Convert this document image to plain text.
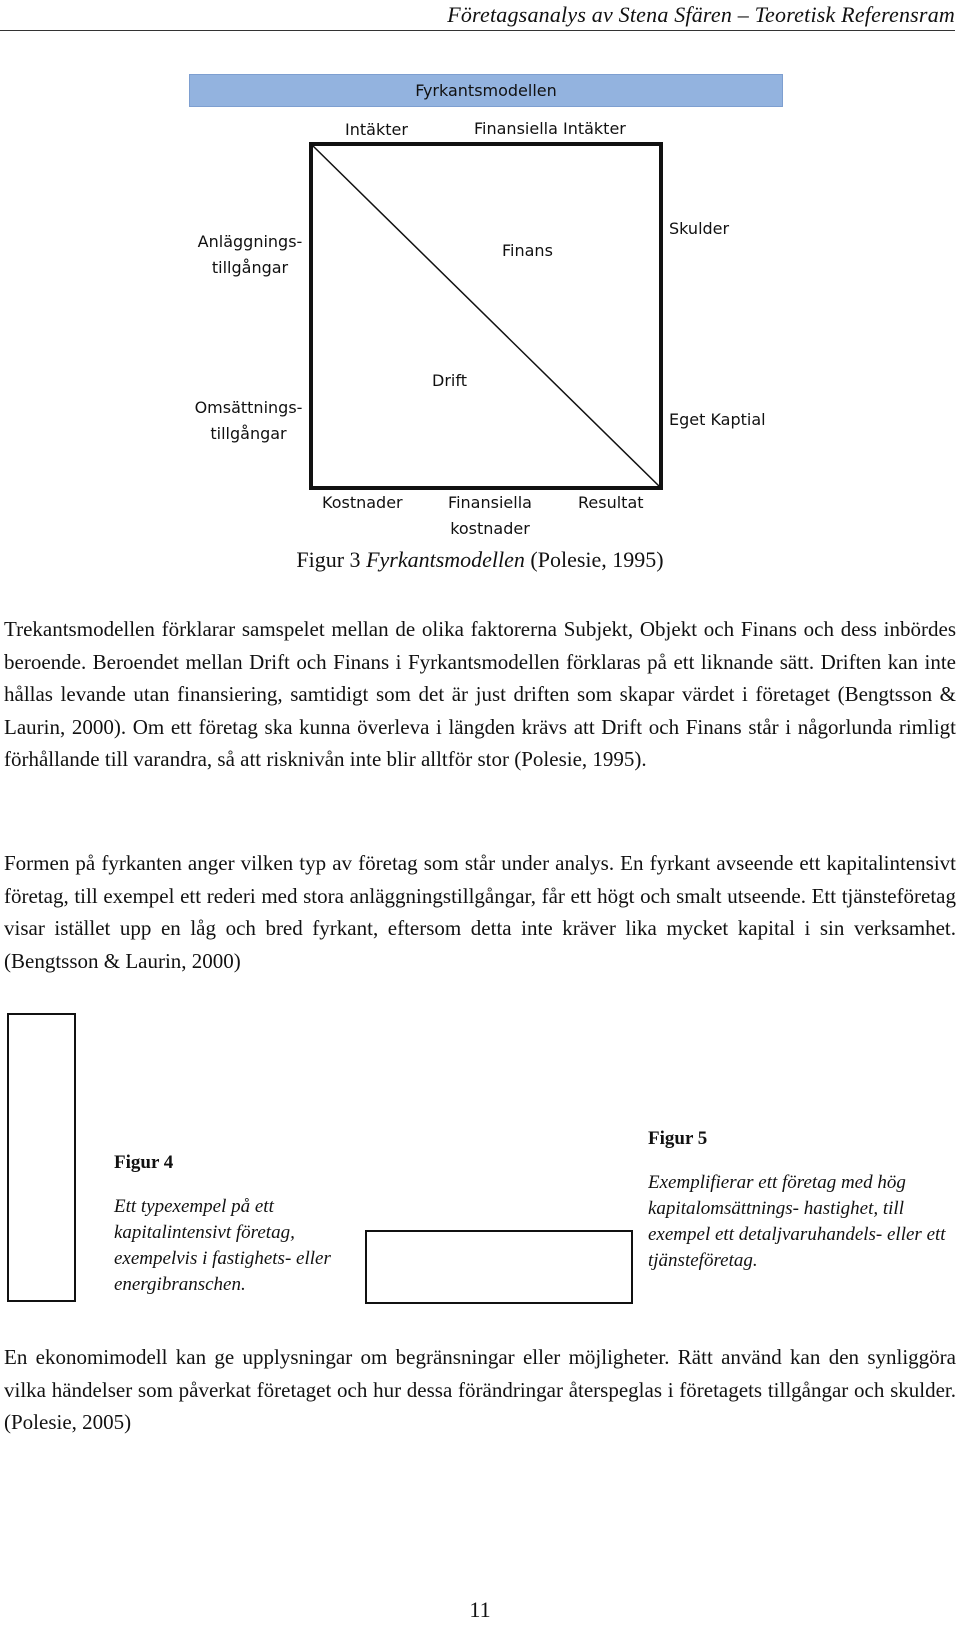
Företagsanalys av Stena Sfären – Teoretisk Referensram
Fyrkantsmodellen
Intäkter	Finansiella Intäkter
Anläggnings-
tillgångar
Finans
Skulder
Drift
Omsättnings-
tillgångar
Eget Kaptial
Kostnader	Finansiella
kostnader
Resultat
Figur 3 Fyrkantsmodellen (Polesie, 1995)

Trekantsmodellen förklarar samspelet mellan de olika faktorerna Subjekt, Objekt och Finans och dess inbördes beroende. Beroendet mellan Drift och Finans i Fyrkantsmodellen förklaras på ett liknande sätt. Driften kan inte hållas levande utan finansiering, samtidigt som det är just driften som skapar värdet i företaget (Bengtsson & Laurin, 2000). Om ett företag ska kunna överleva i längden krävs att Drift och Finans står i någorlunda rimligt förhållande till varandra, så att risknivån inte blir alltför stor (Polesie, 1995).

Formen på fyrkanten anger vilken typ av företag som står under analys. En fyrkant avseende ett kapitalintensivt företag, till exempel ett rederi med stora anläggningstillgångar, får ett högt och smalt utseende. Ett tjänsteföretag visar istället upp en låg och bred fyrkant, eftersom detta inte kräver lika mycket kapital i sin verksamhet. (Bengtsson & Laurin, 2000)

Figur 4
Ett typexempel på ett kapitalintensivt företag, exempelvis i fastighets- eller energibranschen.
Figur 5
Exemplifierar ett företag med hög kapitalomsättnings- hastighet, till exempel ett detaljvaruhandels- eller ett tjänsteföretag.

En ekonomimodell kan ge upplysningar om begränsningar eller möjligheter. Rätt använd kan den synliggöra vilka händelser som påverkat företaget och hur dessa förändringar återspeglas i företagets tillgångar och skulder. (Polesie, 2005)

11
